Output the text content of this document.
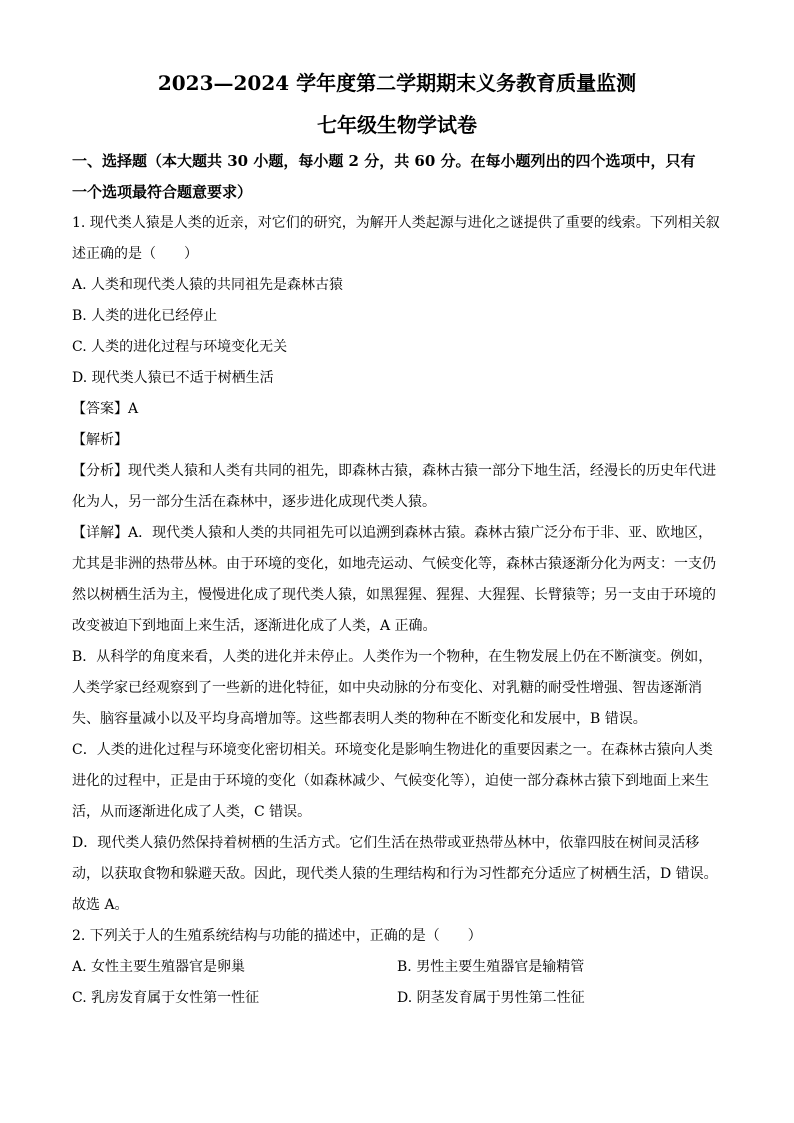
2023—2024 学年度第二学期期末义务教育质量监测
七年级生物学试卷
一、选择题（本大题共 30 小题，每小题 2 分，共 60 分。在每小题列出的四个选项中，只有
一个选项最符合题意要求）
1. 现代类人猿是人类的近亲，对它们的研究，为解开人类起源与进化之谜提供了重要的线索。下列相关叙
述正确的是（　　）
A. 人类和现代类人猿的共同祖先是森林古猿
B. 人类的进化已经停止
C. 人类的进化过程与环境变化无关
D. 现代类人猿已不适于树栖生活
【答案】A
【解析】
【分析】现代类人猿和人类有共同的祖先，即森林古猿，森林古猿一部分下地生活，经漫长的历史年代进
化为人，另一部分生活在森林中，逐步进化成现代类人猿。
【详解】A．现代类人猿和人类的共同祖先可以追溯到森林古猿。森林古猿广泛分布于非、亚、欧地区，
尤其是非洲的热带丛林。由于环境的变化，如地壳运动、气候变化等，森林古猿逐渐分化为两支：一支仍
然以树栖生活为主，慢慢进化成了现代类人猿，如黑猩猩、猩猩、大猩猩、长臂猿等；另一支由于环境的
改变被迫下到地面上来生活，逐渐进化成了人类，A 正确。
B．从科学的角度来看，人类的进化并未停止。人类作为一个物种，在生物发展上仍在不断演变。例如，
人类学家已经观察到了一些新的进化特征，如中央动脉的分布变化、对乳糖的耐受性增强、智齿逐渐消
失、脑容量减小以及平均身高增加等。这些都表明人类的物种在不断变化和发展中，B 错误。
C．人类的进化过程与环境变化密切相关。环境变化是影响生物进化的重要因素之一。在森林古猿向人类
进化的过程中，正是由于环境的变化（如森林减少、气候变化等），迫使一部分森林古猿下到地面上来生
活，从而逐渐进化成了人类，C 错误。
D．现代类人猿仍然保持着树栖的生活方式。它们生活在热带或亚热带丛林中，依靠四肢在树间灵活移
动，以获取食物和躲避天敌。因此，现代类人猿的生理结构和行为习性都充分适应了树栖生活，D 错误。
故选 A。
2. 下列关于人的生殖系统结构与功能的描述中，正确的是（　　）
A. 女性主要生殖器官是卵巢	B. 男性主要生殖器官是输精管
C. 乳房发育属于女性第一性征	D. 阴茎发育属于男性第二性征
